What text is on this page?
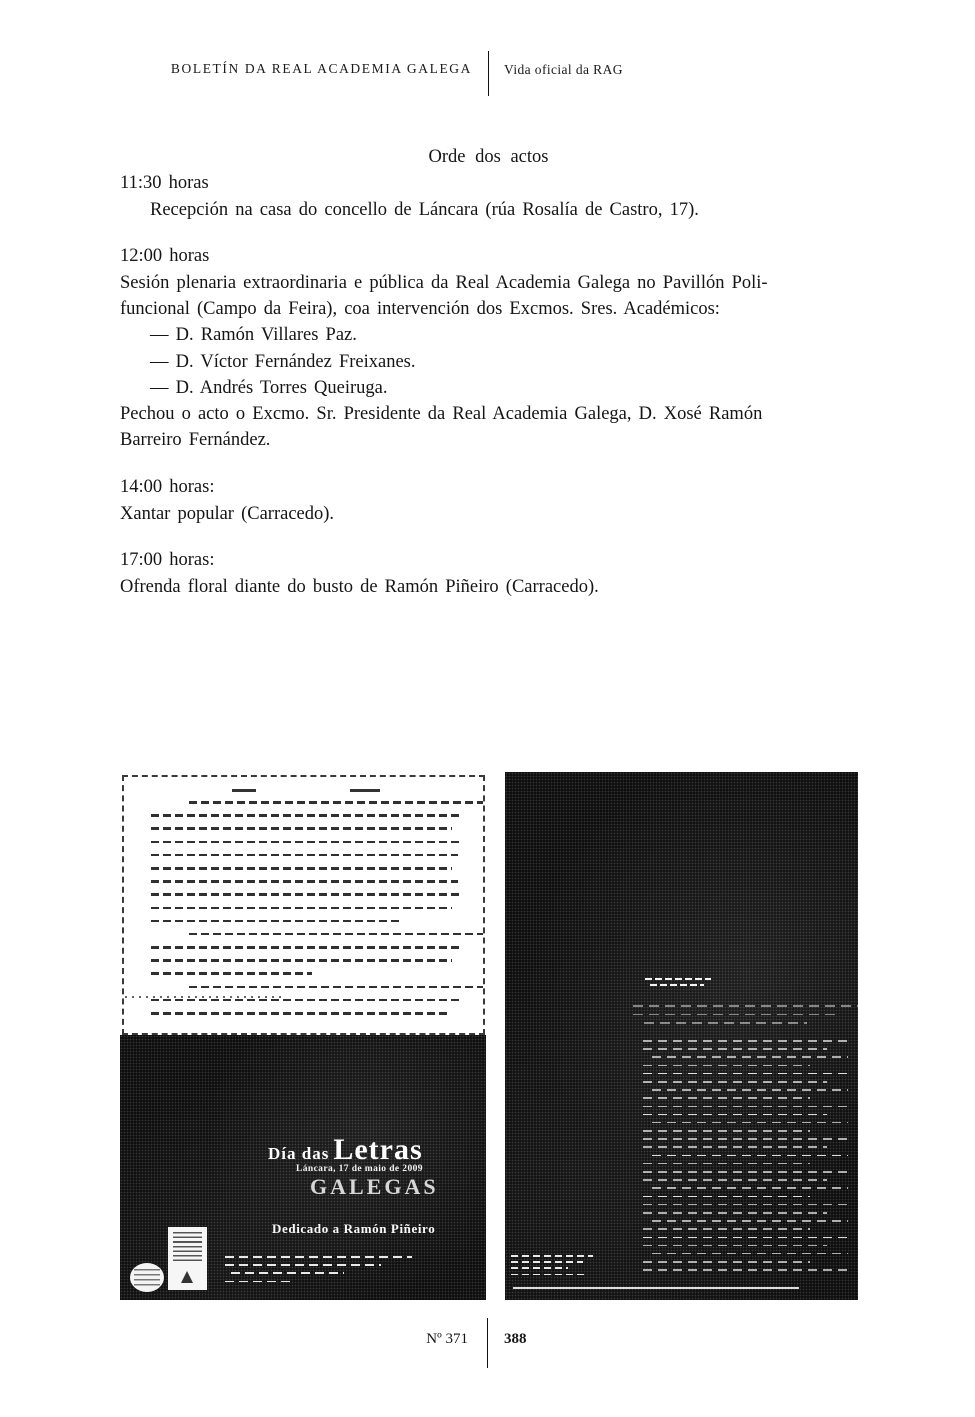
BOLETÍN DA REAL ACADEMIA GALEGA Vida oficial da RAG
Orde dos actos
11:30 horas
Recepción na casa do concello de Láncara (rúa Rosalía de Castro, 17).
12:00 horas
Sesión plenaria extraordinaria e pública da Real Academia Galega no Pavillón Poli-
funcional (Campo da Feira), coa intervención dos Excmos. Sres. Académicos:
— D. Ramón Villares Paz.
— D. Víctor Fernández Freixanes.
— D. Andrés Torres Queiruga.
Pechou o acto o Excmo. Sr. Presidente da Real Academia Galega, D. Xosé Ramón
Barreiro Fernández.
14:00 horas:
Xantar popular (Carracedo).
17:00 horas:
Ofrenda floral diante do busto de Ramón Piñeiro (Carracedo).
Día das Letras
Láncara, 17 de maio de 2009
GALEGAS
Dedicado a Ramón Piñeiro
Nº 371 388
